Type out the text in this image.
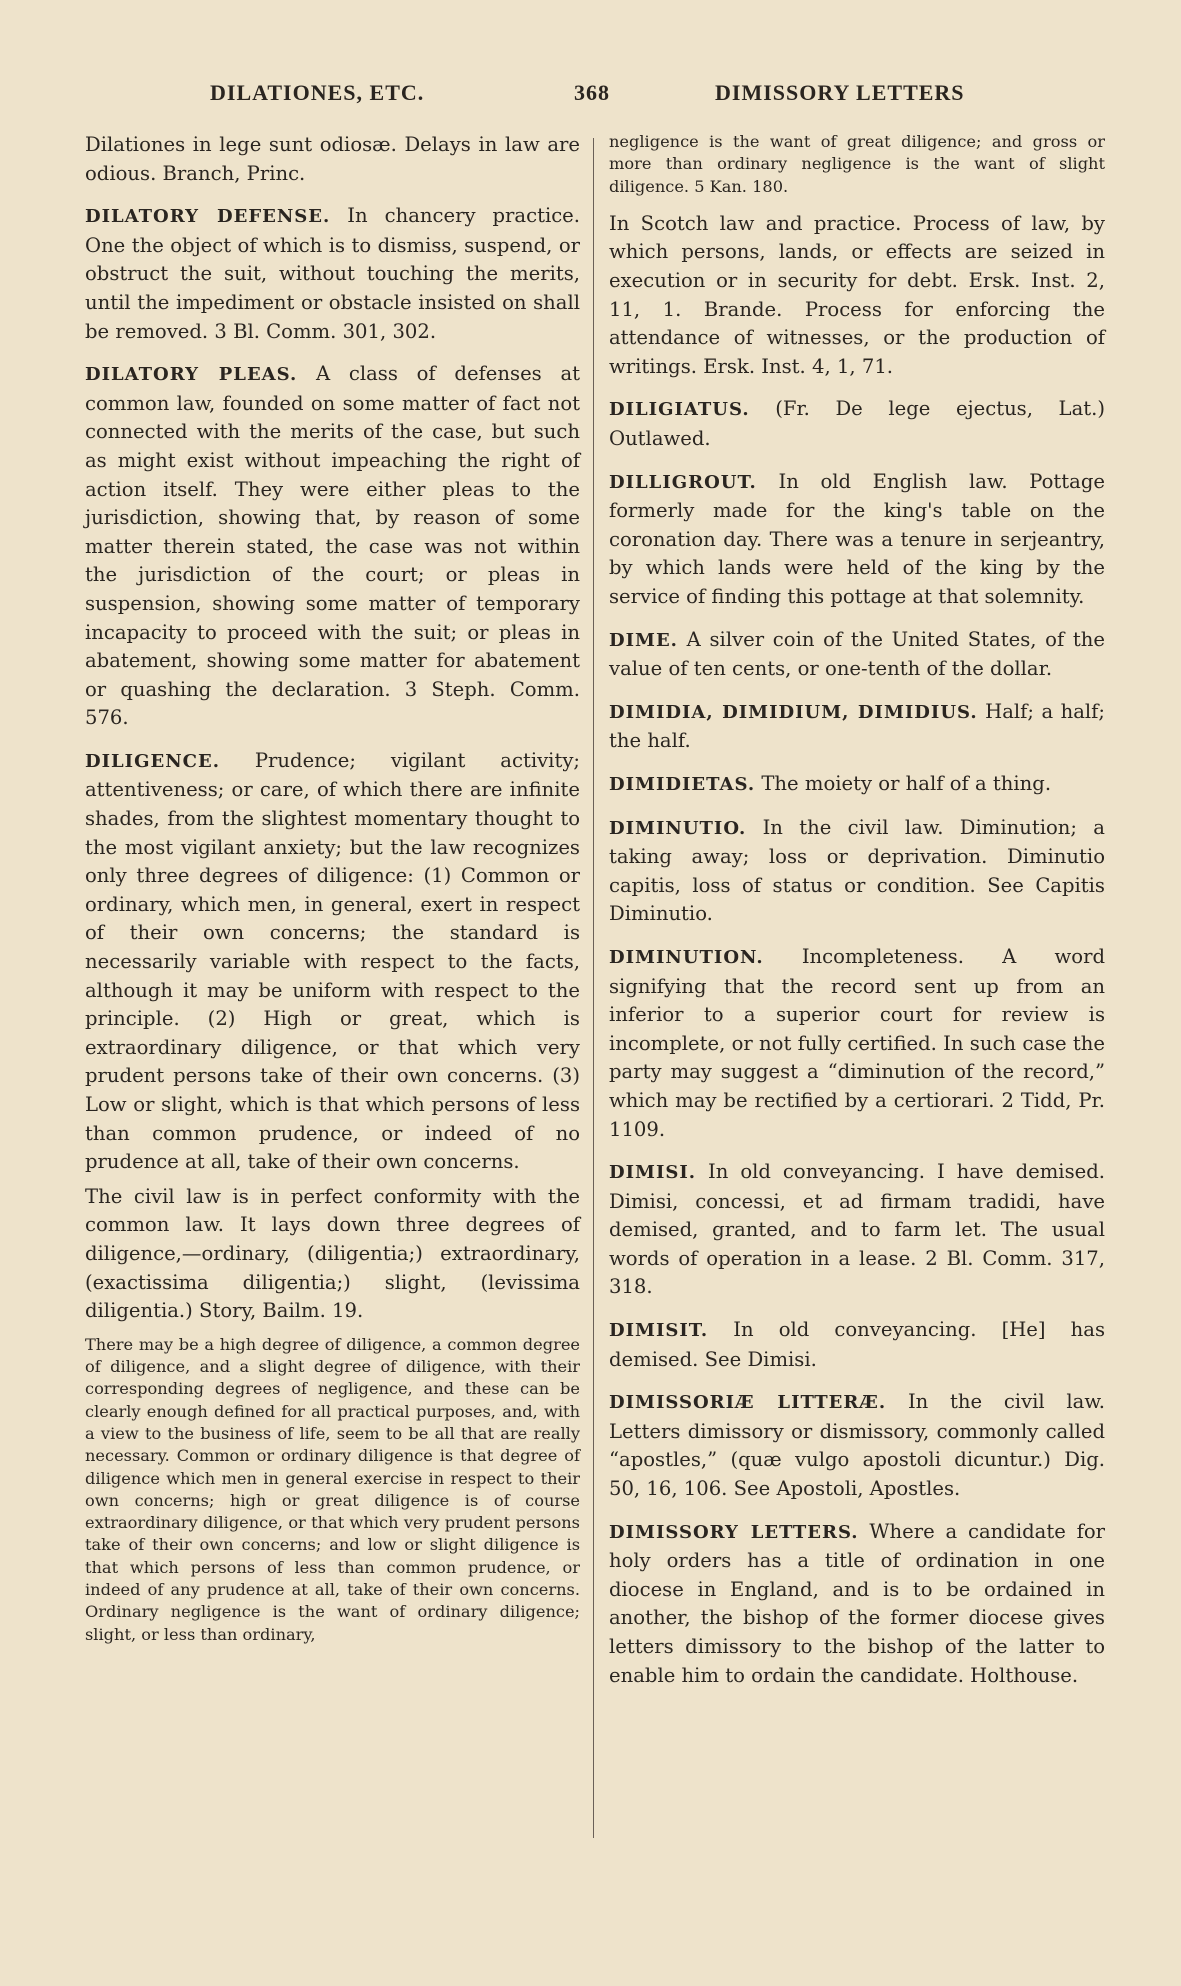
DILATIONES, ETC.	368	DIMISSORY LETTERS

Dilationes in lege sunt odiosæ. Delays in law are odious. Branch, Princ.

DILATORY DEFENSE. In chancery practice. One the object of which is to dismiss, suspend, or obstruct the suit, without touching the merits, until the impediment or obstacle insisted on shall be removed. 3 Bl. Comm. 301, 302.

DILATORY PLEAS. A class of defenses at common law, founded on some matter of fact not connected with the merits of the case, but such as might exist without impeaching the right of action itself. They were either pleas to the jurisdiction, showing that, by reason of some matter therein stated, the case was not within the jurisdiction of the court; or pleas in suspension, showing some matter of temporary incapacity to proceed with the suit; or pleas in abatement, showing some matter for abatement or quashing the declaration. 3 Steph. Comm. 576.

DILIGENCE. Prudence; vigilant activity; attentiveness; or care, of which there are infinite shades, from the slightest momentary thought to the most vigilant anxiety; but the law recognizes only three degrees of diligence: (1) Common or ordinary, which men, in general, exert in respect of their own concerns; the standard is necessarily variable with respect to the facts, although it may be uniform with respect to the principle. (2) High or great, which is extraordinary diligence, or that which very prudent persons take of their own concerns. (3) Low or slight, which is that which persons of less than common prudence, or indeed of no prudence at all, take of their own concerns.

The civil law is in perfect conformity with the common law. It lays down three degrees of diligence,—ordinary, (diligentia;) extraordinary, (exactissima diligentia;) slight, (levissima diligentia.) Story, Bailm. 19.

There may be a high degree of diligence, a common degree of diligence, and a slight degree of diligence, with their corresponding degrees of negligence, and these can be clearly enough defined for all practical purposes, and, with a view to the business of life, seem to be all that are really necessary. Common or ordinary diligence is that degree of diligence which men in general exercise in respect to their own concerns; high or great diligence is of course extraordinary diligence, or that which very prudent persons take of their own concerns; and low or slight diligence is that which persons of less than common prudence, or indeed of any prudence at all, take of their own concerns. Ordinary negligence is the want of ordinary diligence; slight, or less than ordinary,

negligence is the want of great diligence; and gross or more than ordinary negligence is the want of slight diligence. 5 Kan. 180.

In Scotch law and practice. Process of law, by which persons, lands, or effects are seized in execution or in security for debt. Ersk. Inst. 2, 11, 1. Brande. Process for enforcing the attendance of witnesses, or the production of writings. Ersk. Inst. 4, 1, 71.

DILIGIATUS. (Fr. De lege ejectus, Lat.) Outlawed.

DILLIGROUT. In old English law. Pottage formerly made for the king's table on the coronation day. There was a tenure in serjeantry, by which lands were held of the king by the service of finding this pottage at that solemnity.

DIME. A silver coin of the United States, of the value of ten cents, or one-tenth of the dollar.

DIMIDIA, DIMIDIUM, DIMIDIUS. Half; a half; the half.

DIMIDIETAS. The moiety or half of a thing.

DIMINUTIO. In the civil law. Diminution; a taking away; loss or deprivation. Diminutio capitis, loss of status or condition. See Capitis Diminutio.

DIMINUTION. Incompleteness. A word signifying that the record sent up from an inferior to a superior court for review is incomplete, or not fully certified. In such case the party may suggest a “diminution of the record,” which may be rectified by a certiorari. 2 Tidd, Pr. 1109.

DIMISI. In old conveyancing. I have demised. Dimisi, concessi, et ad firmam tradidi, have demised, granted, and to farm let. The usual words of operation in a lease. 2 Bl. Comm. 317, 318.

DIMISIT. In old conveyancing. [He] has demised. See Dimisi.

DIMISSORIÆ LITTERÆ. In the civil law. Letters dimissory or dismissory, commonly called “apostles,” (quæ vulgo apostoli dicuntur.) Dig. 50, 16, 106. See Apostoli, Apostles.

DIMISSORY LETTERS. Where a candidate for holy orders has a title of ordination in one diocese in England, and is to be ordained in another, the bishop of the former diocese gives letters dimissory to the bishop of the latter to enable him to ordain the candidate. Holthouse.
